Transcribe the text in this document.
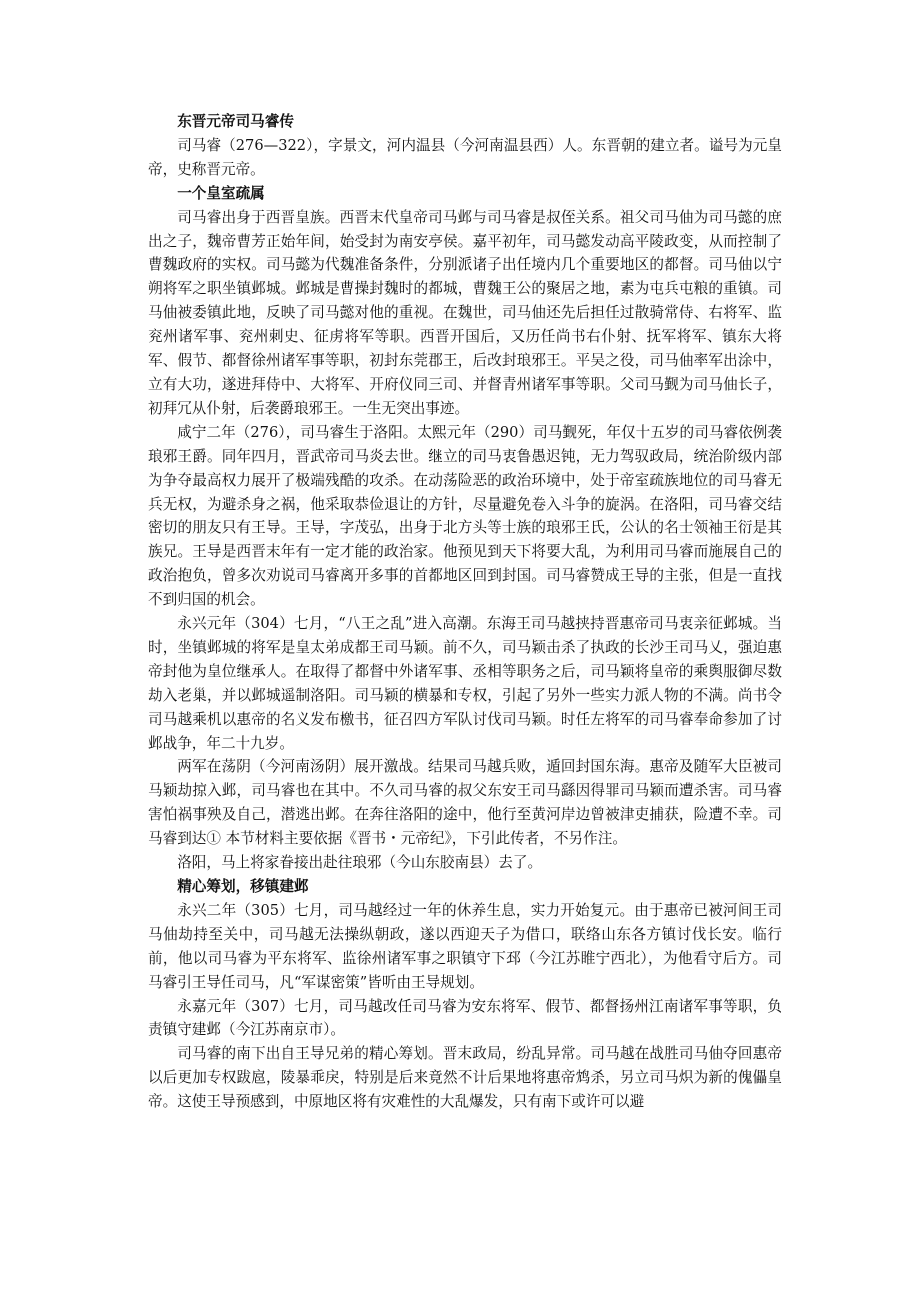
东晋元帝司马睿传

司马睿（276—322），字景文，河内温县（今河南温县西）人。东晋朝的建立者。谥号为元皇帝，史称晋元帝。

一个皇室疏属

司马睿出身于西晋皇族。西晋末代皇帝司马邺与司马睿是叔侄关系。祖父司马伷为司马懿的庶出之子，魏帝曹芳正始年间，始受封为南安亭侯。嘉平初年，司马懿发动高平陵政变，从而控制了曹魏政府的实权。司马懿为代魏准备条件，分别派诸子出任境内几个重要地区的都督。司马伷以宁朔将军之职坐镇邺城。邺城是曹操封魏时的都城，曹魏王公的聚居之地，素为屯兵屯粮的重镇。司马伷被委镇此地，反映了司马懿对他的重视。在魏世，司马伷还先后担任过散骑常侍、右将军、监兖州诸军事、兖州刺史、征虏将军等职。西晋开国后，又历任尚书右仆射、抚军将军、镇东大将军、假节、都督徐州诸军事等职，初封东莞郡王，后改封琅邪王。平吴之役，司马伷率军出涂中，立有大功，遂进拜侍中、大将军、开府仪同三司、并督青州诸军事等职。父司马觐为司马伷长子，初拜冗从仆射，后袭爵琅邪王。一生无突出事迹。

咸宁二年（276），司马睿生于洛阳。太熙元年（290）司马觐死，年仅十五岁的司马睿依例袭琅邪王爵。同年四月，晋武帝司马炎去世。继立的司马衷鲁愚迟钝，无力驾驭政局，统治阶级内部为争夺最高权力展开了极端残酷的攻杀。在动荡险恶的政治环境中，处于帝室疏族地位的司马睿无兵无权，为避杀身之祸，他采取恭俭退让的方针，尽量避免卷入斗争的旋涡。在洛阳，司马睿交结密切的朋友只有王导。王导，字茂弘，出身于北方头等士族的琅邪王氏，公认的名士领袖王衍是其族兄。王导是西晋末年有一定才能的政治家。他预见到天下将要大乱，为利用司马睿而施展自己的政治抱负，曾多次劝说司马睿离开多事的首都地区回到封国。司马睿赞成王导的主张，但是一直找不到归国的机会。

永兴元年（304）七月，“八王之乱”进入高潮。东海王司马越挟持晋惠帝司马衷亲征邺城。当时，坐镇邺城的将军是皇太弟成都王司马颖。前不久，司马颖击杀了执政的长沙王司马乂，强迫惠帝封他为皇位继承人。在取得了都督中外诸军事、丞相等职务之后，司马颖将皇帝的乘舆服御尽数劫入老巢，并以邺城遥制洛阳。司马颖的横暴和专权，引起了另外一些实力派人物的不满。尚书令司马越乘机以惠帝的名义发布檄书，征召四方军队讨伐司马颖。时任左将军的司马睿奉命参加了讨邺战争，年二十九岁。

两军在荡阴（今河南汤阴）展开激战。结果司马越兵败，遁回封国东海。惠帝及随军大臣被司马颖劫掠入邺，司马睿也在其中。不久司马睿的叔父东安王司马繇因得罪司马颖而遭杀害。司马睿害怕祸事殃及自己，潜逃出邺。在奔往洛阳的途中，他行至黄河岸边曾被津吏捕获，险遭不幸。司马睿到达① 本节材料主要依据《晋书・元帝纪》，下引此传者，不另作注。

洛阳，马上将家眷接出赴往琅邪（今山东胶南县）去了。

精心筹划，移镇建邺

永兴二年（305）七月，司马越经过一年的休养生息，实力开始复元。由于惠帝已被河间王司马伷劫持至关中，司马越无法操纵朝政，遂以西迎天子为借口，联络山东各方镇讨伐长安。临行前，他以司马睿为平东将军、监徐州诸军事之职镇守下邳（今江苏睢宁西北），为他看守后方。司马睿引王导任司马，凡“军谋密策”皆听由王导规划。

永嘉元年（307）七月，司马越改任司马睿为安东将军、假节、都督扬州江南诸军事等职，负责镇守建邺（今江苏南京市）。

司马睿的南下出自王导兄弟的精心筹划。晋末政局，纷乱异常。司马越在战胜司马伷夺回惠帝以后更加专权跋扈，陵暴乖戾，特别是后来竟然不计后果地将惠帝鸩杀，另立司马炽为新的傀儡皇帝。这使王导预感到，中原地区将有灾难性的大乱爆发，只有南下或许可以避
